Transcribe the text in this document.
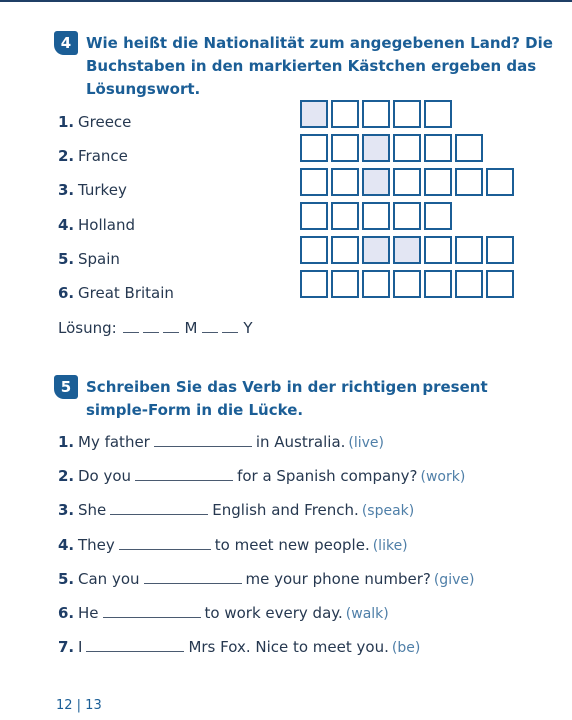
4 Wie heißt die Nationalität zum angegebenen Land? Die Buchstaben in den markierten Kästchen ergeben das Lösungswort.
1. Greece
2. France
3. Turkey
4. Holland
5. Spain
6. Great Britain
Lösung:	M	Y
5 Schreiben Sie das Verb in der richtigen present simple-Form in die Lücke.
1. My father	in Australia. (live)
2. Do you	for a Spanish company? (work)
3. She	English and French. (speak)
4. They	to meet new people. (like)
5. Can you	me your phone number? (give)
6. He	to work every day. (walk)
7. I	Mrs Fox. Nice to meet you. (be)
12 | 13
